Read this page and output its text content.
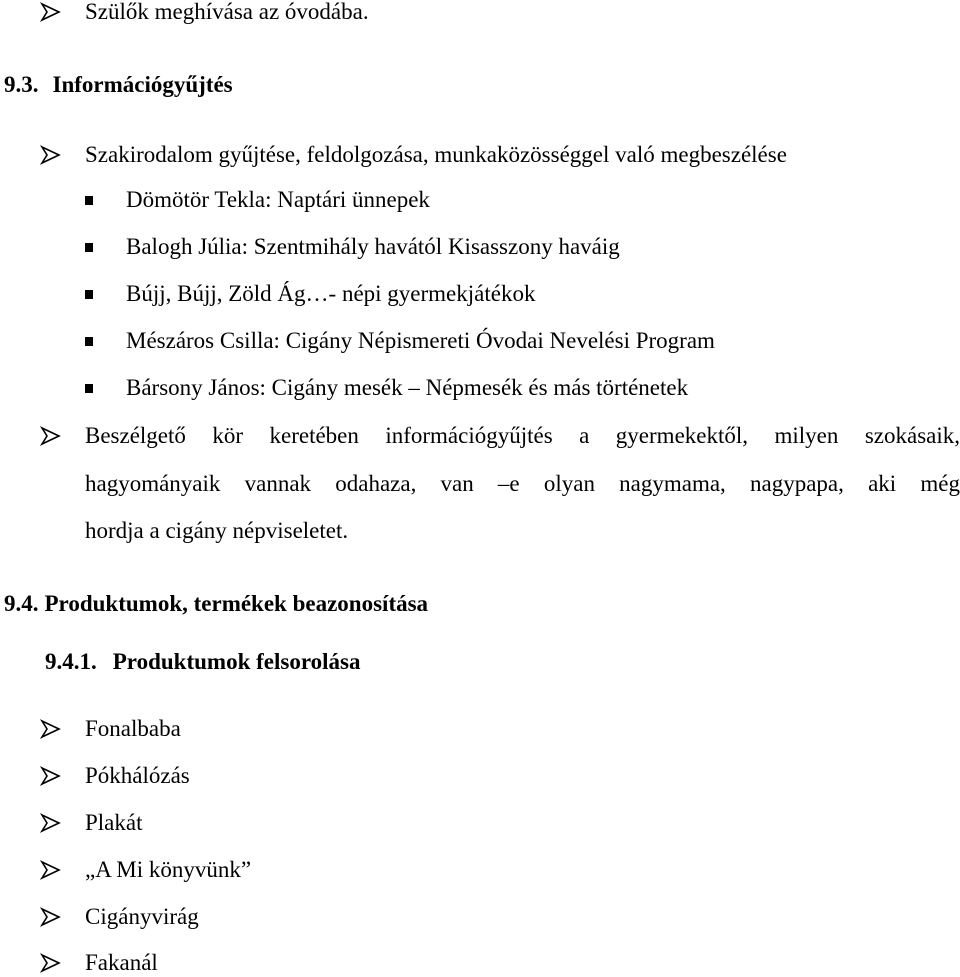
Szülők meghívása az óvodába.
9.3. Információgyűjtés
Szakirodalom gyűjtése, feldolgozása, munkaközösséggel való megbeszélése
Dömötör Tekla: Naptári ünnepek
Balogh Júlia: Szentmihály havától Kisasszony haváig
Bújj, Bújj, Zöld Ág…- népi gyermekjátékok
Mészáros Csilla: Cigány Népismereti Óvodai Nevelési Program
Bársony János: Cigány mesék – Népmesék és más történetek
Beszélgető kör keretében információgyűjtés a gyermekektől, milyen szokásaik,
hagyományaik vannak odahaza, van –e olyan nagymama, nagypapa, aki még
hordja a cigány népviseletet.
9.4. Produktumok, termékek beazonosítása
9.4.1. Produktumok felsorolása
Fonalbaba
Pókhálózás
Plakát
„A Mi könyvünk”
Cigányvirág
Fakanál
